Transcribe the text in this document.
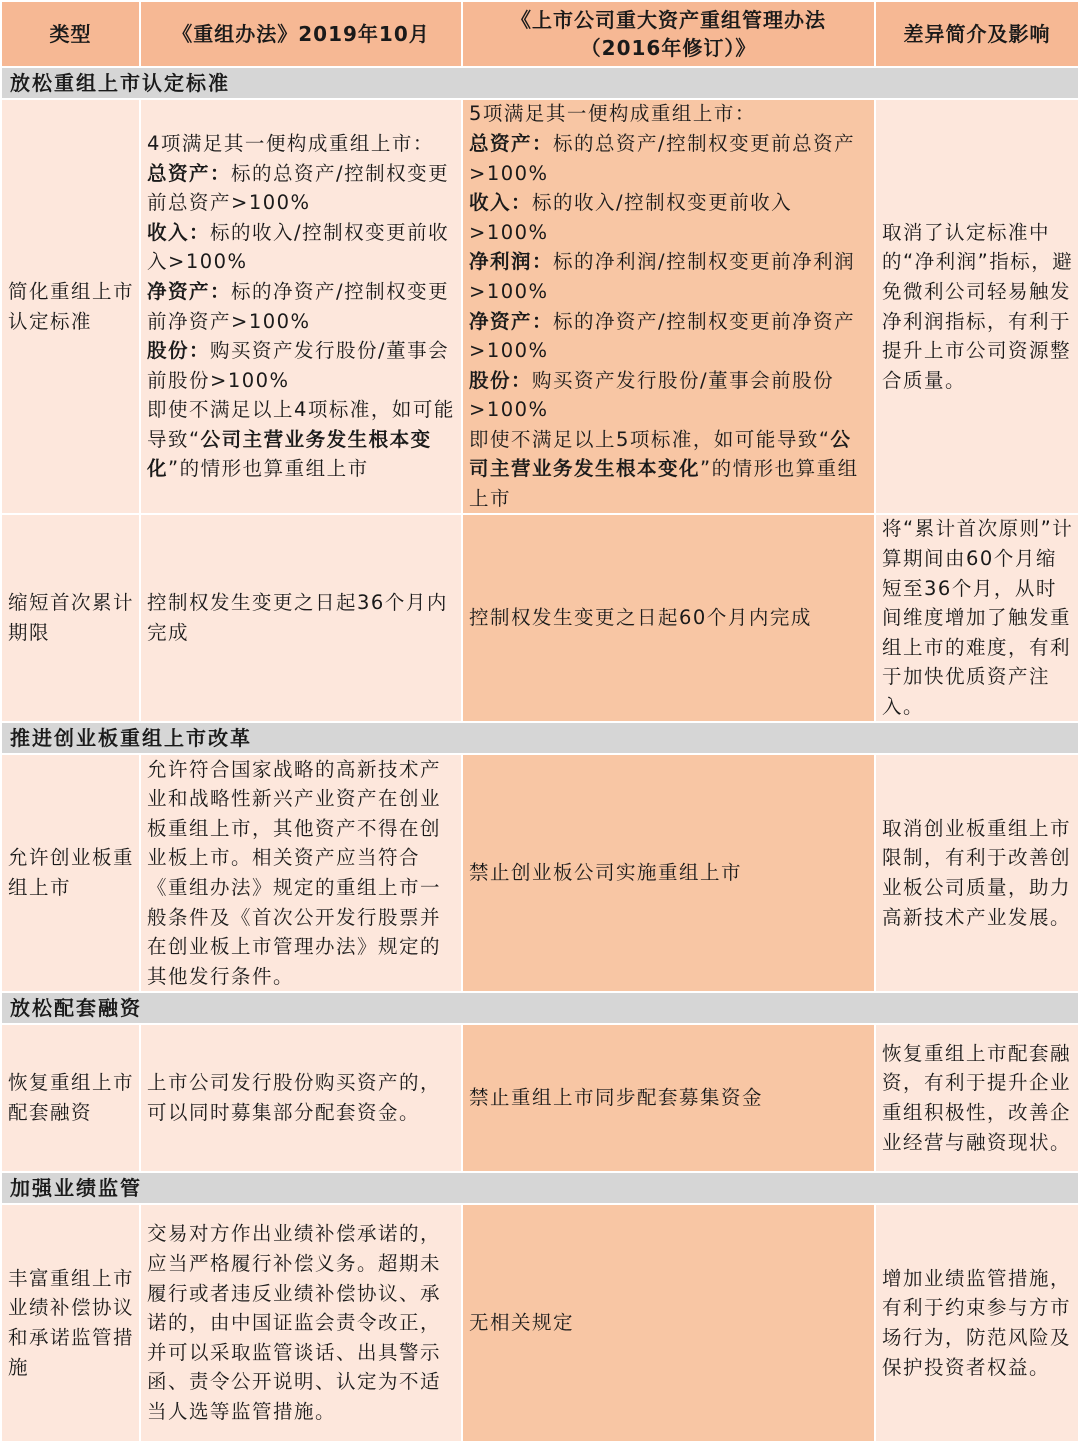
类型	《重组办法》2019年10月
《上市公司重大资产重组管理办法
（2016年修订）》
差异简介及影响
放松重组上市认定标准
简化重组上市认定标准
4项满足其一便构成重组上市：
总资产：标的总资产/控制权变更前总资产>100%
收入：标的收入/控制权变更前收入>100%
净资产：标的净资产/控制权变更前净资产>100%
股份：购买资产发行股份/董事会前股份>100%
即使不满足以上4项标准，如可能导致“公司主营业务发生根本变化”的情形也算重组上市
5项满足其一便构成重组上市：
总资产：标的总资产/控制权变更前总资产>100%
收入：标的收入/控制权变更前收入>100%
净利润：标的净利润/控制权变更前净利润>100%
净资产：标的净资产/控制权变更前净资产>100%
股份：购买资产发行股份/董事会前股份>100%
即使不满足以上5项标准，如可能导致“公司主营业务发生根本变化”的情形也算重组上市
取消了认定标准中的“净利润”指标，避免微利公司轻易触发净利润指标，有利于提升上市公司资源整合质量。
缩短首次累计期限
控制权发生变更之日起36个月内完成
控制权发生变更之日起60个月内完成
将“累计首次原则”计算期间由60个月缩短至36个月，从时间维度增加了触发重组上市的难度，有利于加快优质资产注入。
推进创业板重组上市改革
允许创业板重组上市
允许符合国家战略的高新技术产业和战略性新兴产业资产在创业板重组上市，其他资产不得在创业板上市。相关资产应当符合《重组办法》规定的重组上市一般条件及《首次公开发行股票并在创业板上市管理办法》规定的其他发行条件。
禁止创业板公司实施重组上市
取消创业板重组上市限制，有利于改善创业板公司质量，助力高新技术产业发展。
放松配套融资
恢复重组上市配套融资
上市公司发行股份购买资产的，可以同时募集部分配套资金。
禁止重组上市同步配套募集资金
恢复重组上市配套融资，有利于提升企业重组积极性，改善企业经营与融资现状。
加强业绩监管
丰富重组上市业绩补偿协议和承诺监管措施
交易对方作出业绩补偿承诺的，应当严格履行补偿义务。超期未履行或者违反业绩补偿协议、承诺的，由中国证监会责令改正，并可以采取监管谈话、出具警示函、责令公开说明、认定为不适当人选等监管措施。
无相关规定
增加业绩监管措施，有利于约束参与方市场行为，防范风险及保护投资者权益。
